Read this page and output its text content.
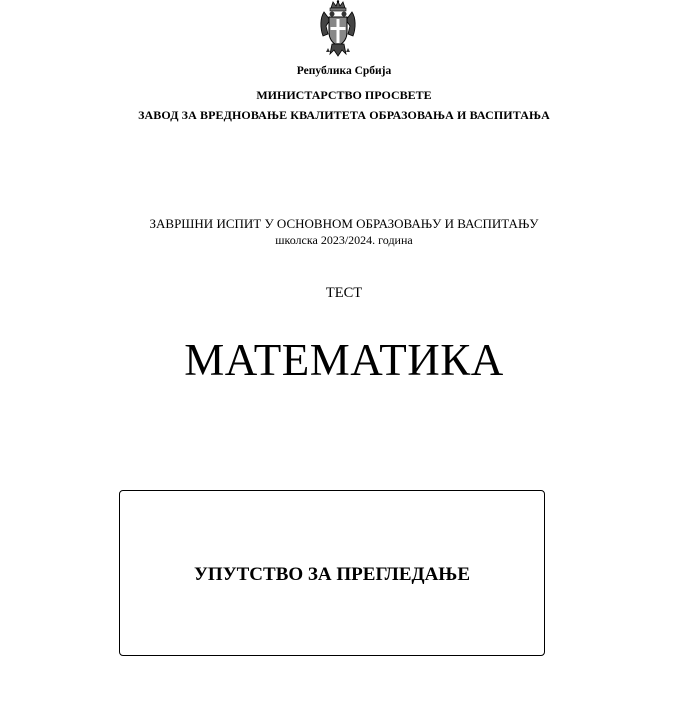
Република Србија
МИНИСТАРСТВО ПРОСВЕТЕ
ЗАВОД ЗА ВРЕДНОВАЊЕ КВАЛИТЕТА ОБРАЗОВАЊА И ВАСПИТАЊА
ЗАВРШНИ ИСПИТ У ОСНОВНОМ ОБРАЗОВАЊУ И ВАСПИТАЊУ
школска 2023/2024. година
ТЕСТ
МАТЕМАТИКА
УПУТСТВО ЗА ПРЕГЛЕДАЊЕ
